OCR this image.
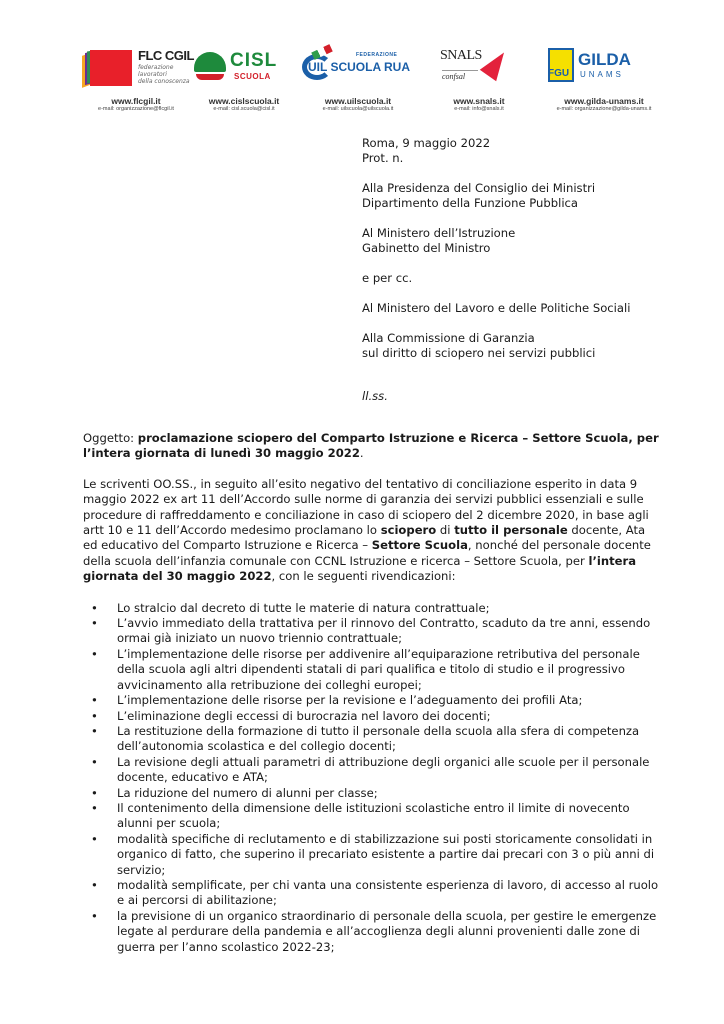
FLC CGIL
federazione
lavoratori
della conoscenza
www.flcgil.it
e-mail: organizzazione@flcgil.it
CISL
SCUOLA
www.cislscuola.it
e-mail: cisl.scuola@cisl.it
FEDERAZIONE
UIL SCUOLA RUA
www.uilscuola.it
e-mail: uilscuola@uilscuola.it
SNALS
confsal
www.snals.it
e-mail: info@snals.it
FGU
GILDA
UNAMS
www.gilda-unams.it
e-mail: organizzazione@gilda-unams.it

Roma, 9 maggio 2022
Prot. n.

Alla Presidenza del Consiglio dei Ministri
Dipartimento della Funzione Pubblica

Al Ministero dell’Istruzione
Gabinetto del Ministro

e per cc.

Al Ministero del Lavoro e delle Politiche Sociali

Alla Commissione di Garanzia
sul diritto di sciopero nei servizi pubblici

ll.ss.

Oggetto: proclamazione sciopero del Comparto Istruzione e Ricerca – Settore Scuola, per l’intera giornata di lunedì 30 maggio 2022.

Le scriventi OO.SS., in seguito all’esito negativo del tentativo di conciliazione esperito in data 9 maggio 2022 ex art 11 dell’Accordo sulle norme di garanzia dei servizi pubblici essenziali e sulle procedure di raffreddamento e conciliazione in caso di sciopero del 2 dicembre 2020, in base agli artt 10 e 11 dell’Accordo medesimo proclamano lo sciopero di tutto il personale docente, Ata ed educativo del Comparto Istruzione e Ricerca – Settore Scuola, nonché del personale docente della scuola dell’infanzia comunale con CCNL Istruzione e ricerca – Settore Scuola, per l’intera giornata del 30 maggio 2022, con le seguenti rivendicazioni:

• Lo stralcio dal decreto di tutte le materie di natura contrattuale;
• L’avvio immediato della trattativa per il rinnovo del Contratto, scaduto da tre anni, essendo ormai già iniziato un nuovo triennio contrattuale;
• L’implementazione delle risorse per addivenire all’equiparazione retributiva del personale della scuola agli altri dipendenti statali di pari qualifica e titolo di studio e il progressivo avvicinamento alla retribuzione dei colleghi europei;
• L’implementazione delle risorse per la revisione e l’adeguamento dei profili Ata;
• L’eliminazione degli eccessi di burocrazia nel lavoro dei docenti;
• La restituzione della formazione di tutto il personale della scuola alla sfera di competenza dell’autonomia scolastica e del collegio docenti;
• La revisione degli attuali parametri di attribuzione degli organici alle scuole per il personale docente, educativo e ATA;
• La riduzione del numero di alunni per classe;
• Il contenimento della dimensione delle istituzioni scolastiche entro il limite di novecento alunni per scuola;
• modalità specifiche di reclutamento e di stabilizzazione sui posti storicamente consolidati in organico di fatto, che superino il precariato esistente a partire dai precari con 3 o più anni di servizio;
• modalità semplificate, per chi vanta una consistente esperienza di lavoro, di accesso al ruolo e ai percorsi di abilitazione;
• la previsione di un organico straordinario di personale della scuola, per gestire le emergenze legate al perdurare della pandemia e all’accoglienza degli alunni provenienti dalle zone di guerra per l’anno scolastico 2022-23;
